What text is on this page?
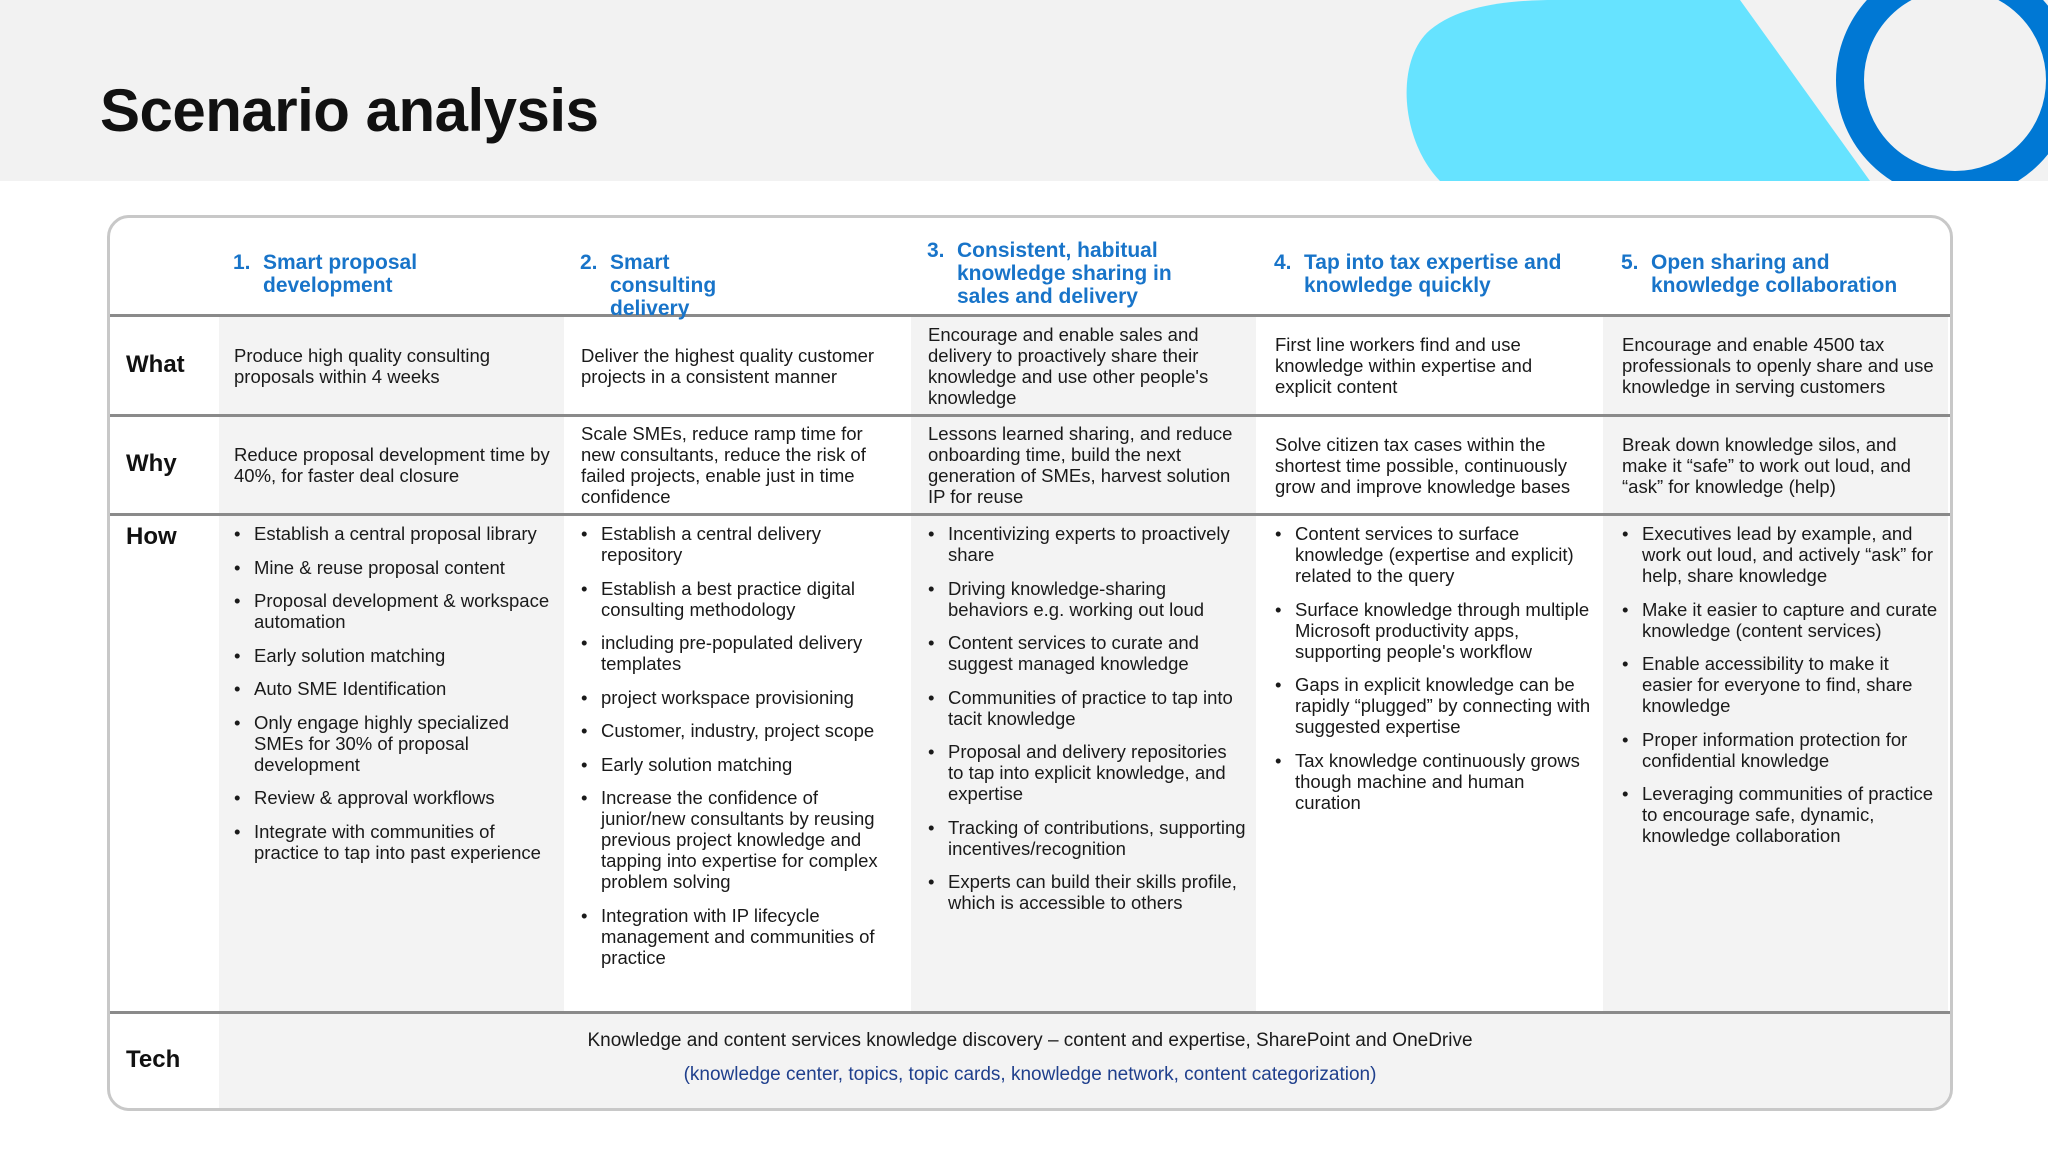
Scenario analysis
1. Smart proposal development
2. Smart consulting delivery
3. Consistent, habitual knowledge sharing in sales and delivery
4. Tap into tax expertise and knowledge quickly
5. Open sharing and knowledge collaboration
What
Why
How
Tech
Produce high quality consulting proposals within 4 weeks
Deliver the highest quality customer projects in a consistent manner
Encourage and enable sales and delivery to proactively share their knowledge and use other people's knowledge
First line workers find and use knowledge within expertise and explicit content
Encourage and enable 4500 tax professionals to openly share and use knowledge in serving customers
Reduce proposal development time by 40%, for faster deal closure
Scale SMEs, reduce ramp time for new consultants, reduce the risk of failed projects, enable just in time confidence
Lessons learned sharing, and reduce onboarding time, build the next generation of SMEs, harvest solution IP for reuse
Solve citizen tax cases within the shortest time possible, continuously grow and improve knowledge bases
Break down knowledge silos, and make it “safe” to work out loud, and “ask” for knowledge (help)
• Establish a central proposal library
• Mine & reuse proposal content
• Proposal development & workspace automation
• Early solution matching
• Auto SME Identification
• Only engage highly specialized SMEs for 30% of proposal development
• Review & approval workflows
• Integrate with communities of practice to tap into past experience
• Establish a central delivery repository
• Establish a best practice digital consulting methodology
• including pre-populated delivery templates
• project workspace provisioning
• Customer, industry, project scope
• Early solution matching
• Increase the confidence of junior/new consultants by reusing previous project knowledge and tapping into expertise for complex problem solving
• Integration with IP lifecycle management and communities of practice
• Incentivizing experts to proactively share
• Driving knowledge-sharing behaviors e.g. working out loud
• Content services to curate and suggest managed knowledge
• Communities of practice to tap into tacit knowledge
• Proposal and delivery repositories to tap into explicit knowledge, and expertise
• Tracking of contributions, supporting incentives/recognition
• Experts can build their skills profile, which is accessible to others
• Content services to surface knowledge (expertise and explicit) related to the query
• Surface knowledge through multiple Microsoft productivity apps, supporting people's workflow
• Gaps in explicit knowledge can be rapidly “plugged” by connecting with suggested expertise
• Tax knowledge continuously grows though machine and human curation
• Executives lead by example, and work out loud, and actively “ask” for help, share knowledge
• Make it easier to capture and curate knowledge (content services)
• Enable accessibility to make it easier for everyone to find, share knowledge
• Proper information protection for confidential knowledge
• Leveraging communities of practice to encourage safe, dynamic, knowledge collaboration
Knowledge and content services knowledge discovery – content and expertise, SharePoint and OneDrive
(knowledge center, topics, topic cards, knowledge network, content categorization)
